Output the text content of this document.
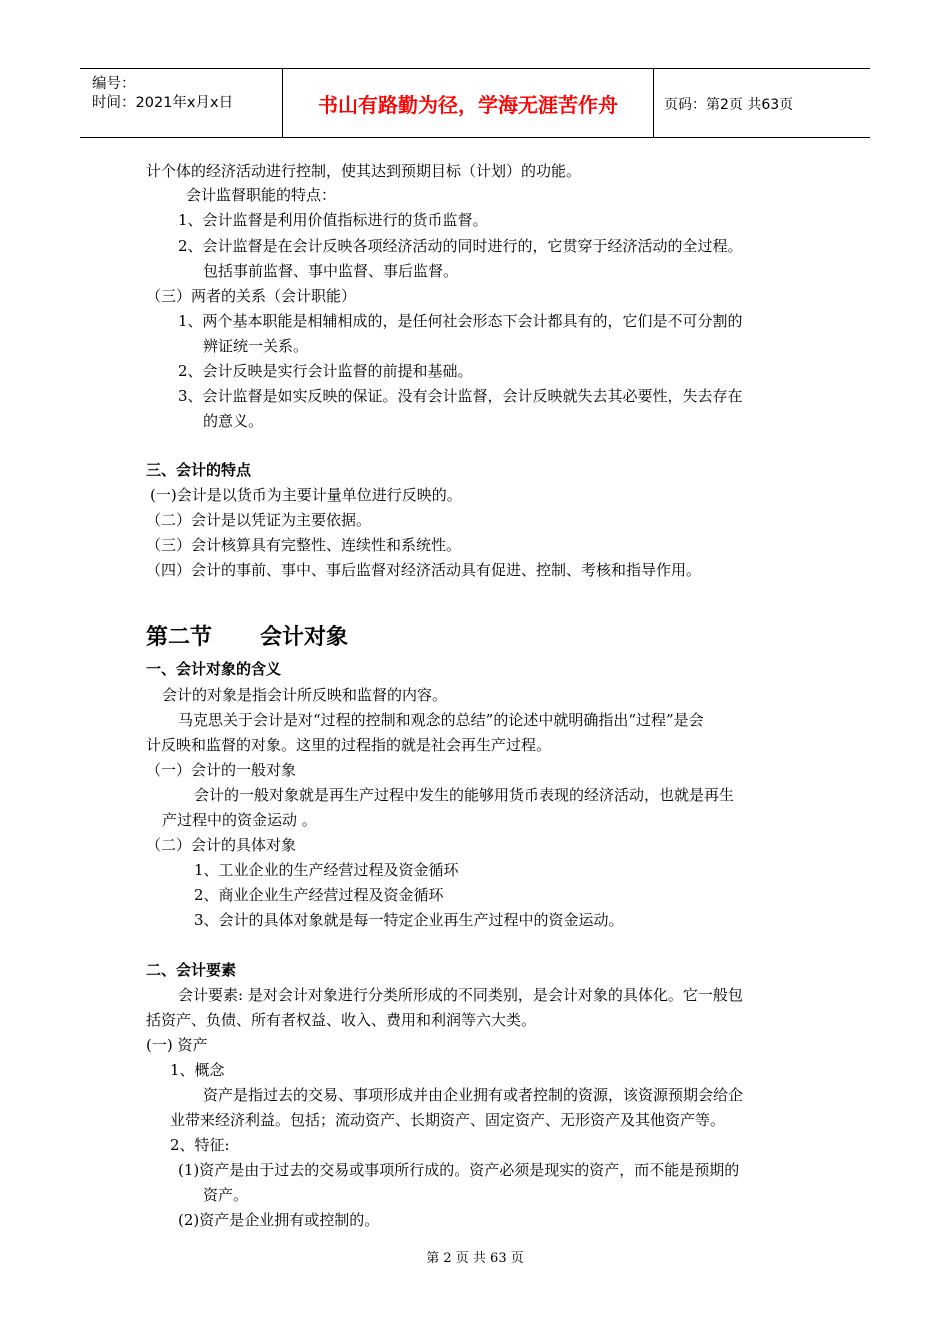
编号：
时间：2021年x月x日	书山有路勤为径，学海无涯苦作舟	页码：第2页 共63页
计个体的经济活动进行控制，使其达到预期目标（计划）的功能。
会计监督职能的特点：
1、会计监督是利用价值指标进行的货币监督。
2、会计监督是在会计反映各项经济活动的同时进行的，它贯穿于经济活动的全过程。
包括事前监督、事中监督、事后监督。
（三）两者的关系（会计职能）
1、两个基本职能是相辅相成的，是任何社会形态下会计都具有的，它们是不可分割的
辨证统一关系。
2、会计反映是实行会计监督的前提和基础。
3、会计监督是如实反映的保证。没有会计监督，会计反映就失去其必要性，失去存在
的意义。
三、会计的特点
(一)会计是以货币为主要计量单位进行反映的。
（二）会计是以凭证为主要依据。
（三）会计核算具有完整性、连续性和系统性。
（四）会计的事前、事中、事后监督对经济活动具有促进、控制、考核和指导作用。
第二节 会计对象
一、会计对象的含义
会计的对象是指会计所反映和监督的内容。
马克思关于会计是对“过程的控制和观念的总结”的论述中就明确指出“过程”是会
计反映和监督的对象。这里的过程指的就是社会再生产过程。
（一）会计的一般对象
会计的一般对象就是再生产过程中发生的能够用货币表现的经济活动，也就是再生
产过程中的资金运动 。
（二）会计的具体对象
1、工业企业的生产经营过程及资金循环
2、商业企业生产经营过程及资金循环
3、会计的具体对象就是每一特定企业再生产过程中的资金运动。
二、会计要素
会计要素: 是对会计对象进行分类所形成的不同类别，是会计对象的具体化。它一般包
括资产、负债、所有者权益、收入、费用和利润等六大类。
(一) 资产
1、概念
资产是指过去的交易、事项形成并由企业拥有或者控制的资源，该资源预期会给企
业带来经济利益。包括；流动资产、长期资产、固定资产、无形资产及其他资产等。
2、特征:
(1)资产是由于过去的交易或事项所行成的。资产必须是现实的资产，而不能是预期的
资产。
(2)资产是企业拥有或控制的。
第 2 页 共 63 页
